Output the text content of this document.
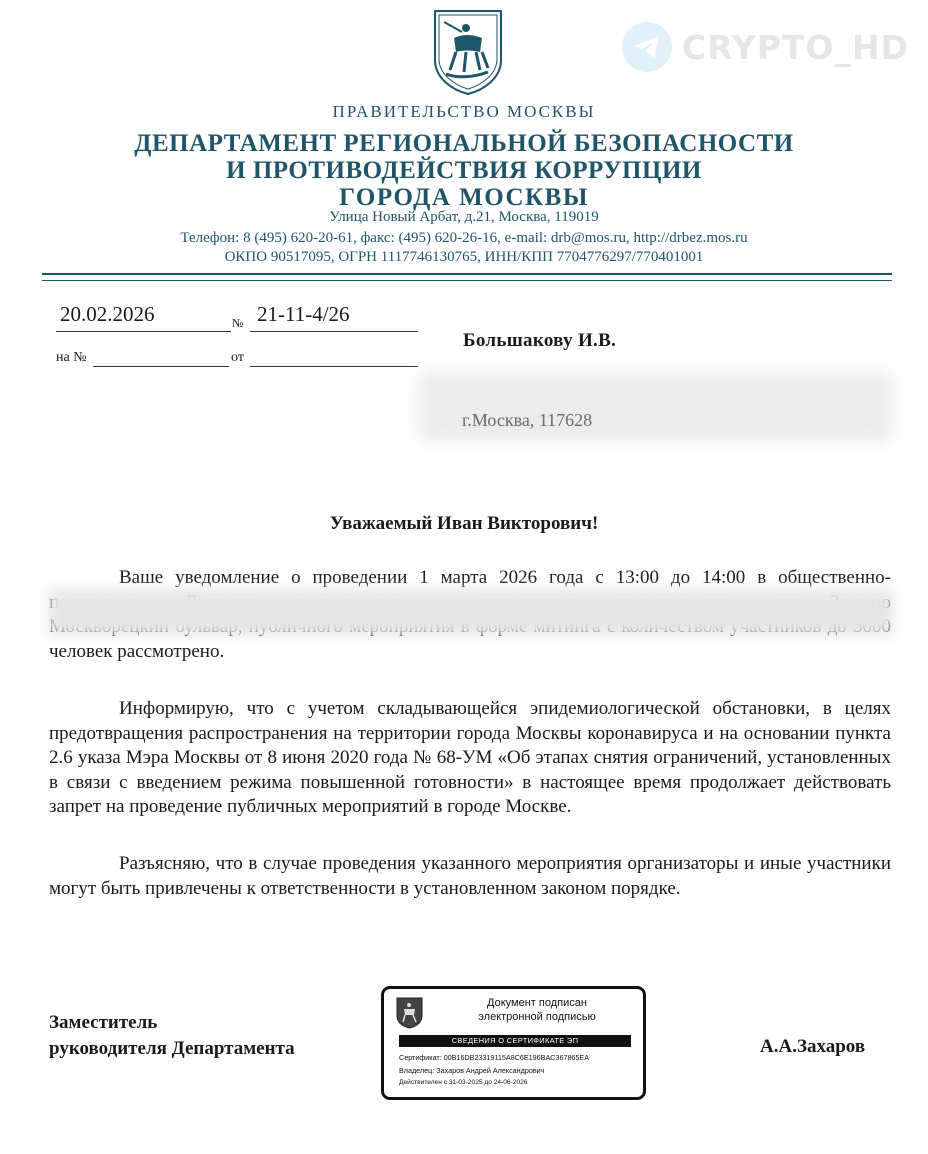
CRYPTO_HD
ПРАВИТЕЛЬСТВО МОСКВЫ
ДЕПАРТАМЕНТ РЕГИОНАЛЬНОЙ БЕЗОПАСНОСТИ
И ПРОТИВОДЕЙСТВИЯ КОРРУПЦИИ
ГОРОДА МОСКВЫ
Улица Новый Арбат, д.21, Москва, 119019
Телефон: 8 (495) 620-20-61, факс: (495) 620-26-16, e-mail: drb@mos.ru, http://drbez.mos.ru
ОКПО 90517095, ОГРН 1117746130765, ИНН/КПП 7704776297/770401001
20.02.2026	№ 21-11-4/26
на №	от
Большакову И.В.
г.Москва, 117628
Уважаемый Иван Викторович!
Ваше уведомление о проведении 1 марта 2026 года с 13:00 до 14:00 в общественно- человек рассмотрено.
Информирую, что с учетом складывающейся эпидемиологической обстановки, в целях предотвращения распространения на территории города Москвы коронавируса и на основании пункта 2.6 указа Мэра Москвы от 8 июня 2020 года № 68-УМ «Об этапах снятия ограничений, установленных в связи с введением режима повышенной готовности» в настоящее время продолжает действовать запрет на проведение публичных мероприятий в городе Москве.
Разъясняю, что в случае проведения указанного мероприятия организаторы и иные участники могут быть привлечены к ответственности в установленном законом порядке.
Заместитель
руководителя Департамента
Документ подписан
электронной подписью
СВЕДЕНИЯ О СЕРТИФИКАТЕ ЭП
Сертификат: 00B16DB23319115A8C6E196BAC367865EA
Владелец: Захаров Андрей Александрович
Действителен с 31-03-2025 до 24-06-2026
А.А.Захаров
